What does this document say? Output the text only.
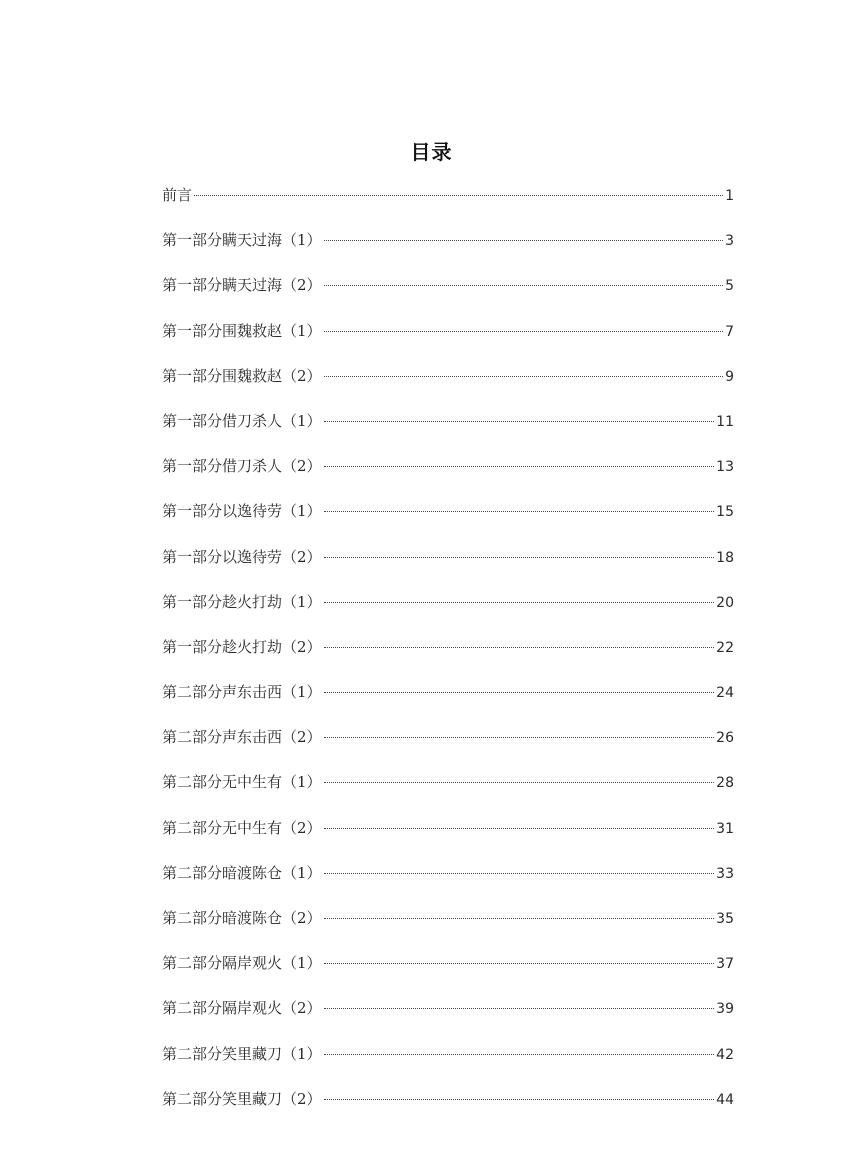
目录
前言	1
第一部分瞒天过海（1）	3
第一部分瞒天过海（2）	5
第一部分围魏救赵（1）	7
第一部分围魏救赵（2）	9
第一部分借刀杀人（1）	11
第一部分借刀杀人（2）	13
第一部分以逸待劳（1）	15
第一部分以逸待劳（2）	18
第一部分趁火打劫（1）	20
第一部分趁火打劫（2）	22
第二部分声东击西（1）	24
第二部分声东击西（2）	26
第二部分无中生有（1）	28
第二部分无中生有（2）	31
第二部分暗渡陈仓（1）	33
第二部分暗渡陈仓（2）	35
第二部分隔岸观火（1）	37
第二部分隔岸观火（2）	39
第二部分笑里藏刀（1）	42
第二部分笑里藏刀（2）	44
